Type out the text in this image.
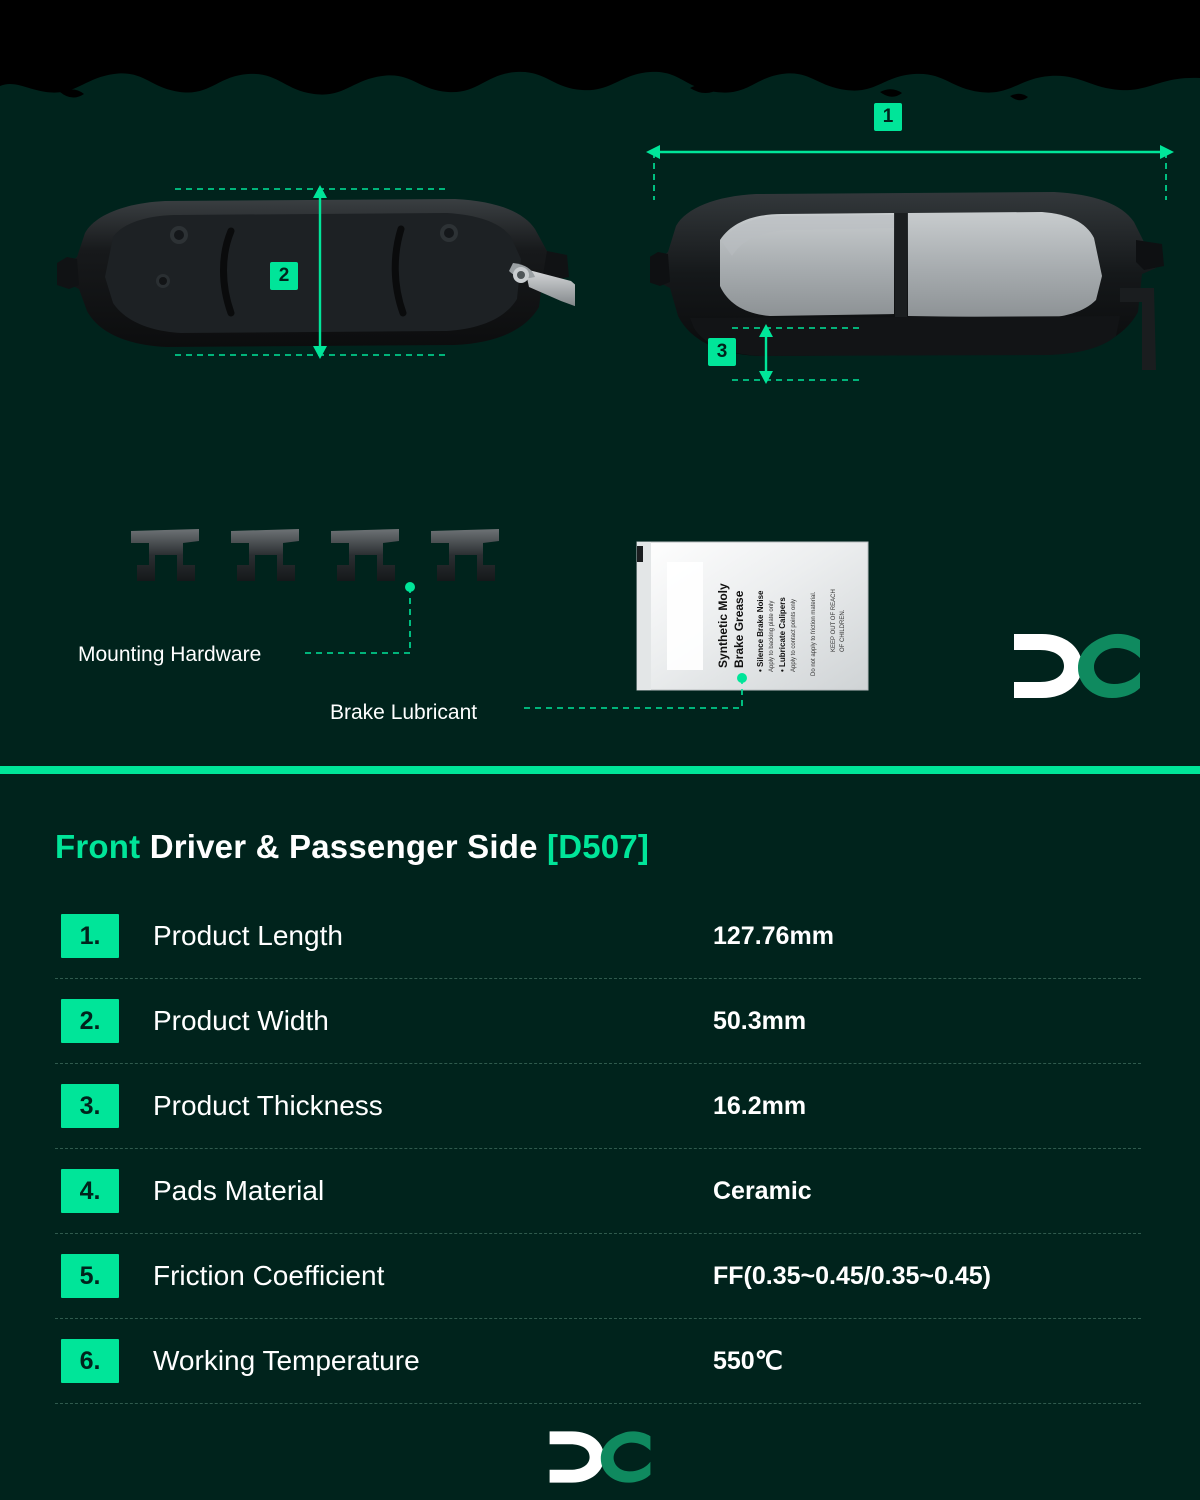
2
1
3
Mounting Hardware	Synthetic Moly Brake Grease • Silence Brake Noise Apply to backing plate only • Lubricate Calipers Apply to contact points only Do not apply to friction material. KEEP OUT OF REACH OF CHILDREN.
Brake Lubricant
Front Driver & Passenger Side [D507]
1.	Product Length	127.76mm
2.	Product Width	50.3mm
3.	Product Thickness	16.2mm
4.	Pads Material	Ceramic
5.	Friction Coefficient	FF(0.35~0.45/0.35~0.45)
6.	Working Temperature	550℃
